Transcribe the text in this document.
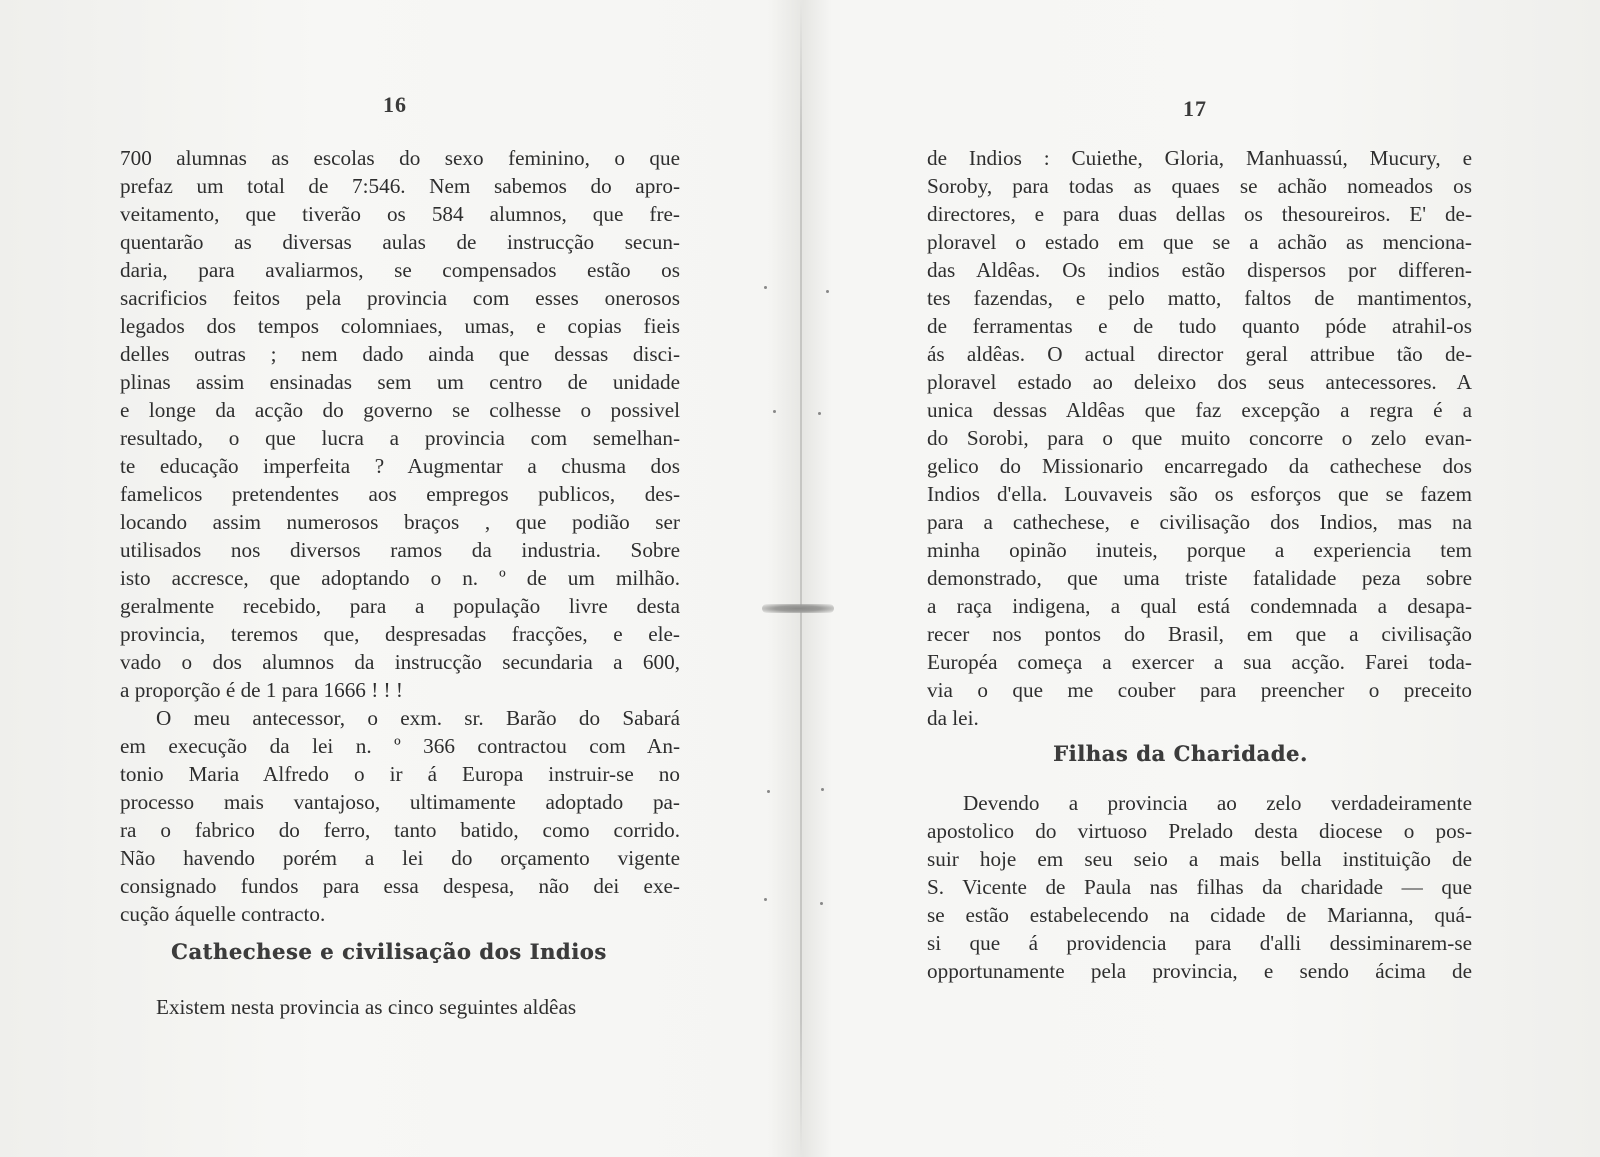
16
700 alumnas as escolas do sexo feminino, o que
prefaz um total de 7:546. Nem sabemos do apro-
veitamento, que tiverão os 584 alumnos, que fre-
quentarão as diversas aulas de instrucção secun-
daria, para avaliarmos, se compensados estão os
sacrificios feitos pela provincia com esses onerosos
legados dos tempos colomniaes, umas, e copias fieis
delles outras ; nem dado ainda que dessas disci-
plinas assim ensinadas sem um centro de unidade
e longe da acção do governo se colhesse o possivel
resultado, o que lucra a provincia com semelhan-
te educação imperfeita ? Augmentar a chusma dos
famelicos pretendentes aos empregos publicos, des-
locando assim numerosos braços , que podião ser
utilisados nos diversos ramos da industria. Sobre
isto accresce, que adoptando o n. º de um milhão.
geralmente recebido, para a população livre desta
provincia, teremos que, despresadas fracções, e ele-
vado o dos alumnos da instrucção secundaria a 600,
a proporção é de 1 para 1666 ! ! !
O meu antecessor, o exm. sr. Barão do Sabará
em execução da lei n. º 366 contractou com An-
tonio Maria Alfredo o ir á Europa instruir-se no
processo mais vantajoso, ultimamente adoptado pa-
ra o fabrico do ferro, tanto batido, como corrido.
Não havendo porém a lei do orçamento vigente
consignado fundos para essa despesa, não dei exe-
cução áquelle contracto.
Cathechese e civilisação dos Indios
Existem nesta provincia as cinco seguintes aldêas
17
de Indios : Cuiethe, Gloria, Manhuassú, Mucury, e
Soroby, para todas as quaes se achão nomeados os
directores, e para duas dellas os thesoureiros. E' de-
ploravel o estado em que se a achão as menciona-
das Aldêas. Os indios estão dispersos por differen-
tes fazendas, e pelo matto, faltos de mantimentos,
de ferramentas e de tudo quanto póde atrahil-os
ás aldêas. O actual director geral attribue tão de-
ploravel estado ao deleixo dos seus antecessores. A
unica dessas Aldêas que faz excepção a regra é a
do Sorobi, para o que muito concorre o zelo evan-
gelico do Missionario encarregado da cathechese dos
Indios d'ella. Louvaveis são os esforços que se fazem
para a cathechese, e civilisação dos Indios, mas na
minha opinão inuteis, porque a experiencia tem
demonstrado, que uma triste fatalidade peza sobre
a raça indigena, a qual está condemnada a desapa-
recer nos pontos do Brasil, em que a civilisação
Européa começa a exercer a sua acção. Farei toda-
via o que me couber para preencher o preceito
da lei.
Filhas da Charidade.
Devendo a provincia ao zelo verdadeiramente
apostolico do virtuoso Prelado desta diocese o pos-
suir hoje em seu seio a mais bella instituição de
S. Vicente de Paula nas filhas da charidade — que
se estão estabelecendo na cidade de Marianna, quá-
si que á providencia para d'alli dessiminarem-se
opportunamente pela provincia, e sendo ácima de
